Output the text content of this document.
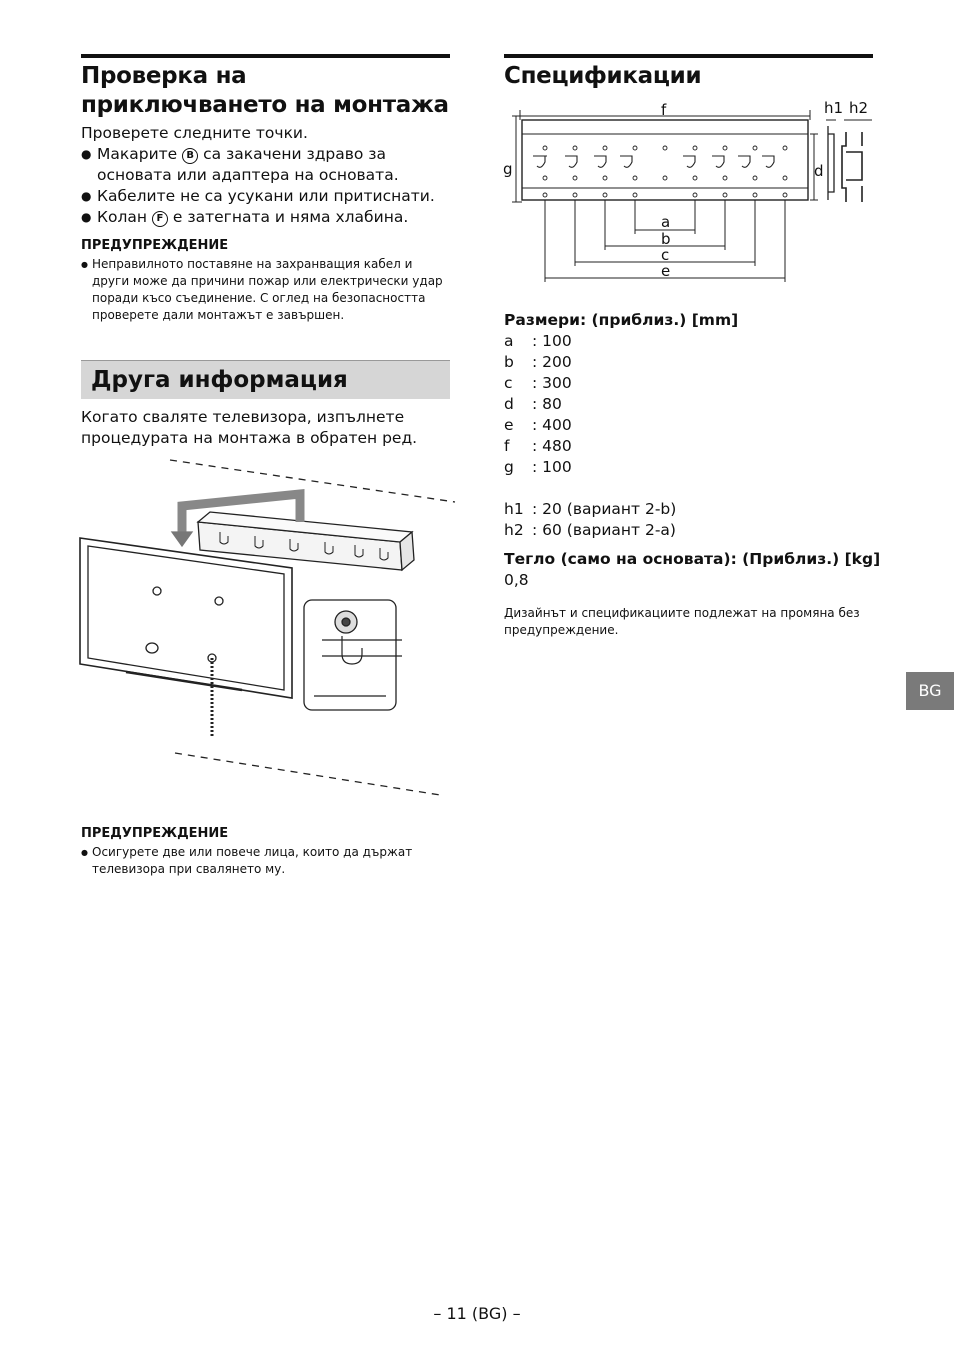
Проверка на
приключването на монтажа
Проверете следните точки.
● Макарите B са закачени здраво за
основата или адаптера на основата.
● Кабелите не са усукани или притиснати.
● Колан F е затегната и няма хлабина.
ПРЕДУПРЕЖДЕНИЕ
● Неправилното поставяне на захранващия кабел и
други може да причини пожар или електрически удар
поради късо съединение. С оглед на безопасността
проверете дали монтажът е завършен.
Друга информация
Когато сваляте телевизора, изпълнете
процедурата на монтажа в обратен ред.
ПРЕДУПРЕЖДЕНИЕ
● Осигурете две или повече лица, които да държат
телевизора при свалянето му.
Спецификации
f	h1 h2
g	d
a
b
c
e
Размери: (приблиз.) [mm]
a	: 100
b	: 200
c	: 300
d	: 80
e	: 400
f	: 480
g	: 100
h1 : 20 (вариант 2-b)
h2 : 60 (вариант 2-a)
Тегло (само на основата): (Приблиз.) [kg]
0,8
Дизайнът и спецификациите подлежат на промяна без
предупреждение.
BG
– 11 (BG) –
